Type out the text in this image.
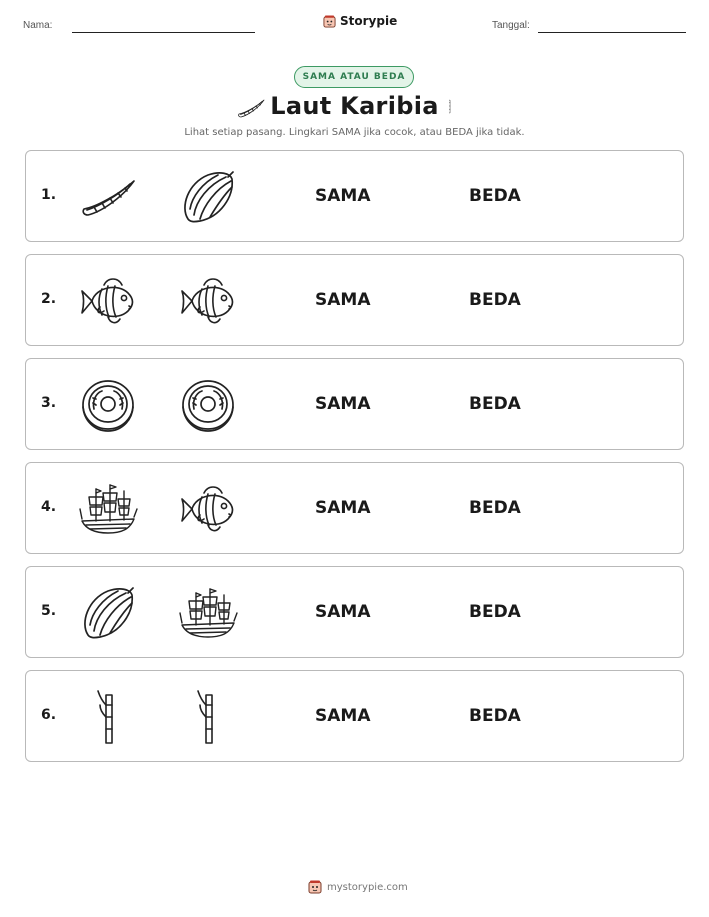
Nama:	Storypie	Tanggal:
SAMA ATAU BEDA
Laut Karibia
Lihat setiap pasang. Lingkari SAMA jika cocok, atau BEDA jika tidak.
1.	SAMA	BEDA
2.	SAMA	BEDA
3.	SAMA	BEDA
4.	SAMA	BEDA
5.	SAMA	BEDA
6.	SAMA	BEDA
mystorypie.com
